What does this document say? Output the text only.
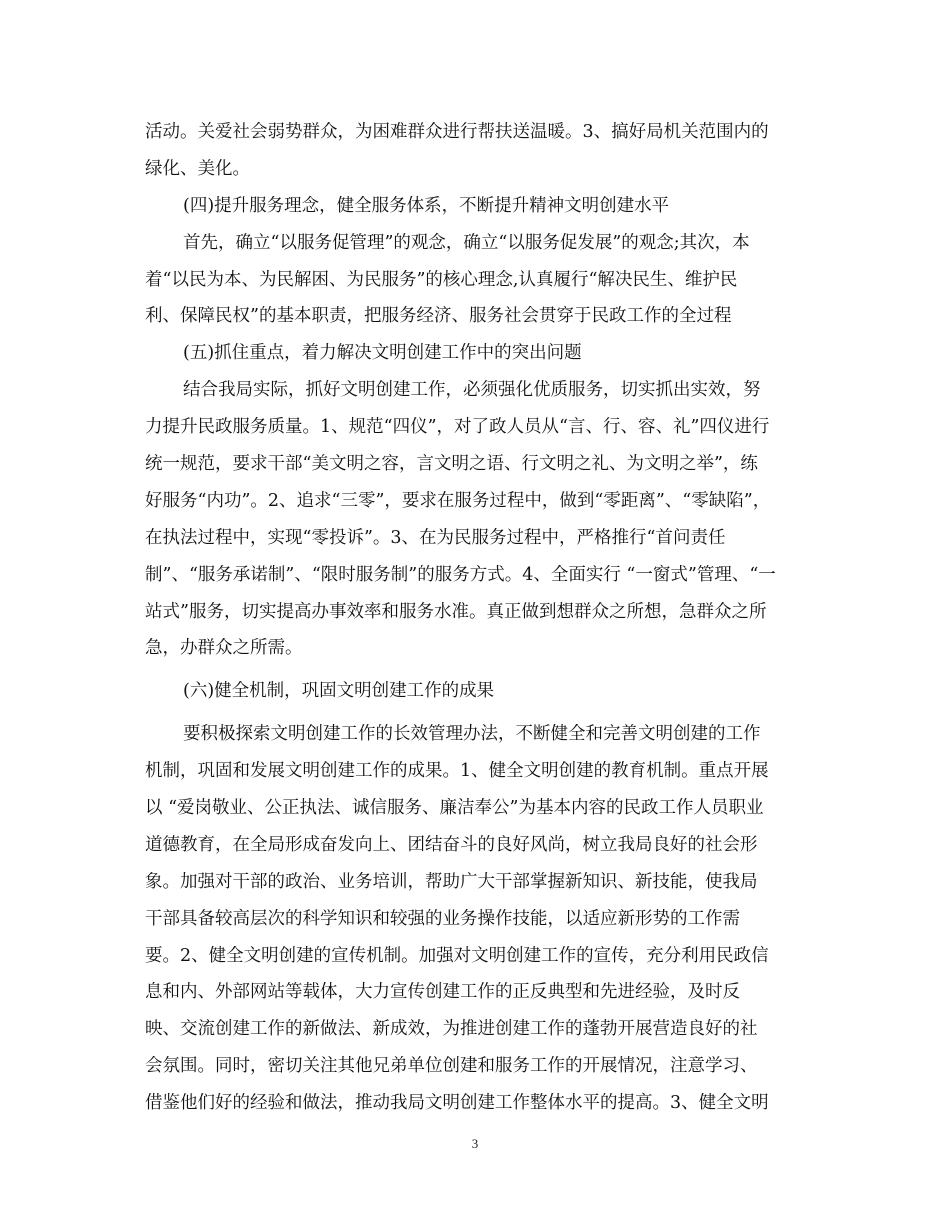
活动。关爱社会弱势群众，为困难群众进行帮扶送温暖。3、搞好局机关范围内的
绿化、美化。
(四)提升服务理念，健全服务体系，不断提升精神文明创建水平
首先，确立“以服务促管理”的观念，确立“以服务促发展”的观念;其次，本
着“以民为本、为民解困、为民服务”的核心理念,认真履行“解决民生、维护民
利、保障民权”的基本职责，把服务经济、服务社会贯穿于民政工作的全过程
(五)抓住重点，着力解决文明创建工作中的突出问题
结合我局实际，抓好文明创建工作，必须强化优质服务，切实抓出实效，努
力提升民政服务质量。1、规范“四仪”，对了政人员从“言、行、容、礼”四仪进行
统一规范，要求干部“美文明之容，言文明之语、行文明之礼、为文明之举”，练
好服务“内功”。2、追求“三零”，要求在服务过程中，做到“零距离”、“零缺陷”，
在执法过程中，实现“零投诉”。3、在为民服务过程中，严格推行“首问责任
制”、“服务承诺制”、“限时服务制”的服务方式。4、全面实行 “一窗式”管理、“一
站式”服务，切实提高办事效率和服务水准。真正做到想群众之所想，急群众之所
急，办群众之所需。
(六)健全机制，巩固文明创建工作的成果
要积极探索文明创建工作的长效管理办法，不断健全和完善文明创建的工作
机制，巩固和发展文明创建工作的成果。1、健全文明创建的教育机制。重点开展
以 “爱岗敬业、公正执法、诚信服务、廉洁奉公”为基本内容的民政工作人员职业
道德教育，在全局形成奋发向上、团结奋斗的良好风尚，树立我局良好的社会形
象。加强对干部的政治、业务培训，帮助广大干部掌握新知识、新技能，使我局
干部具备较高层次的科学知识和较强的业务操作技能，以适应新形势的工作需
要。2、健全文明创建的宣传机制。加强对文明创建工作的宣传，充分利用民政信
息和内、外部网站等载体，大力宣传创建工作的正反典型和先进经验，及时反
映、交流创建工作的新做法、新成效，为推进创建工作的蓬勃开展营造良好的社
会氛围。同时，密切关注其他兄弟单位创建和服务工作的开展情况，注意学习、
借鉴他们好的经验和做法，推动我局文明创建工作整体水平的提高。3、健全文明
3
